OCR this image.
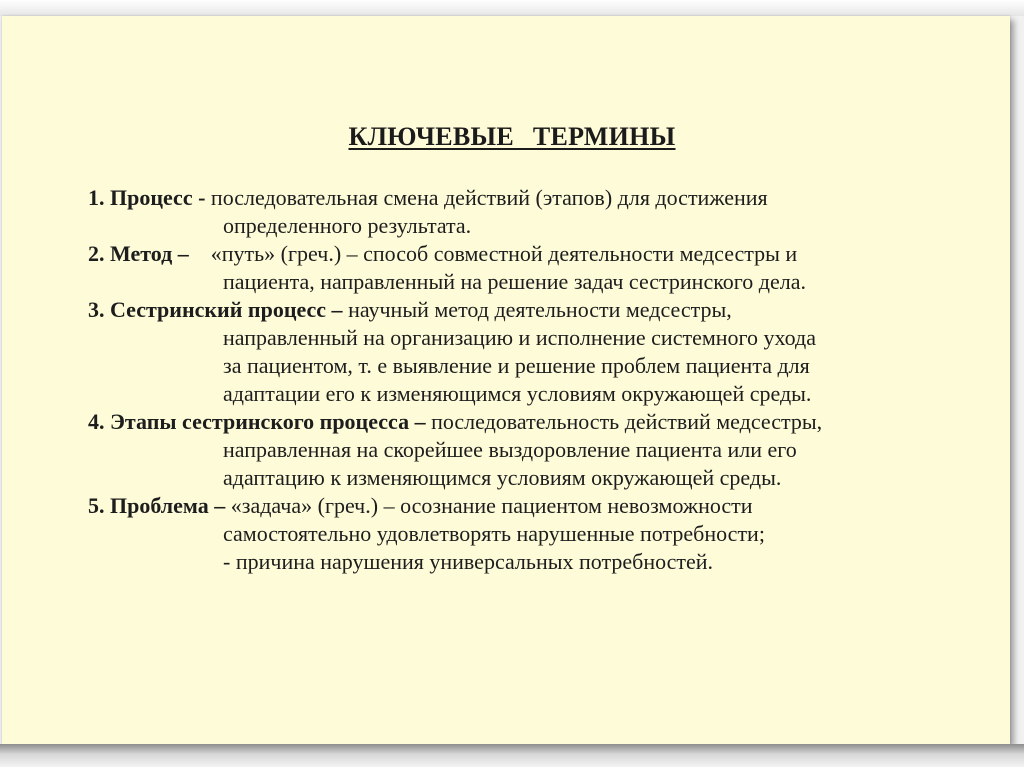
КЛЮЧЕВЫЕ ТЕРМИНЫ
1. Процесс - последовательная смена действий (этапов) для достижения
определенного результата.
2. Метод – «путь» (греч.) – способ совместной деятельности медсестры и
пациента, направленный на решение задач сестринского дела.
3. Сестринский процесс – научный метод деятельности медсестры,
направленный на организацию и исполнение системного ухода
за пациентом, т. е выявление и решение проблем пациента для
адаптации его к изменяющимся условиям окружающей среды.
4. Этапы сестринского процесса – последовательность действий медсестры,
направленная на скорейшее выздоровление пациента или его
адаптацию к изменяющимся условиям окружающей среды.
5. Проблема – «задача» (греч.) – осознание пациентом невозможности
самостоятельно удовлетворять нарушенные потребности;
- причина нарушения универсальных потребностей.
